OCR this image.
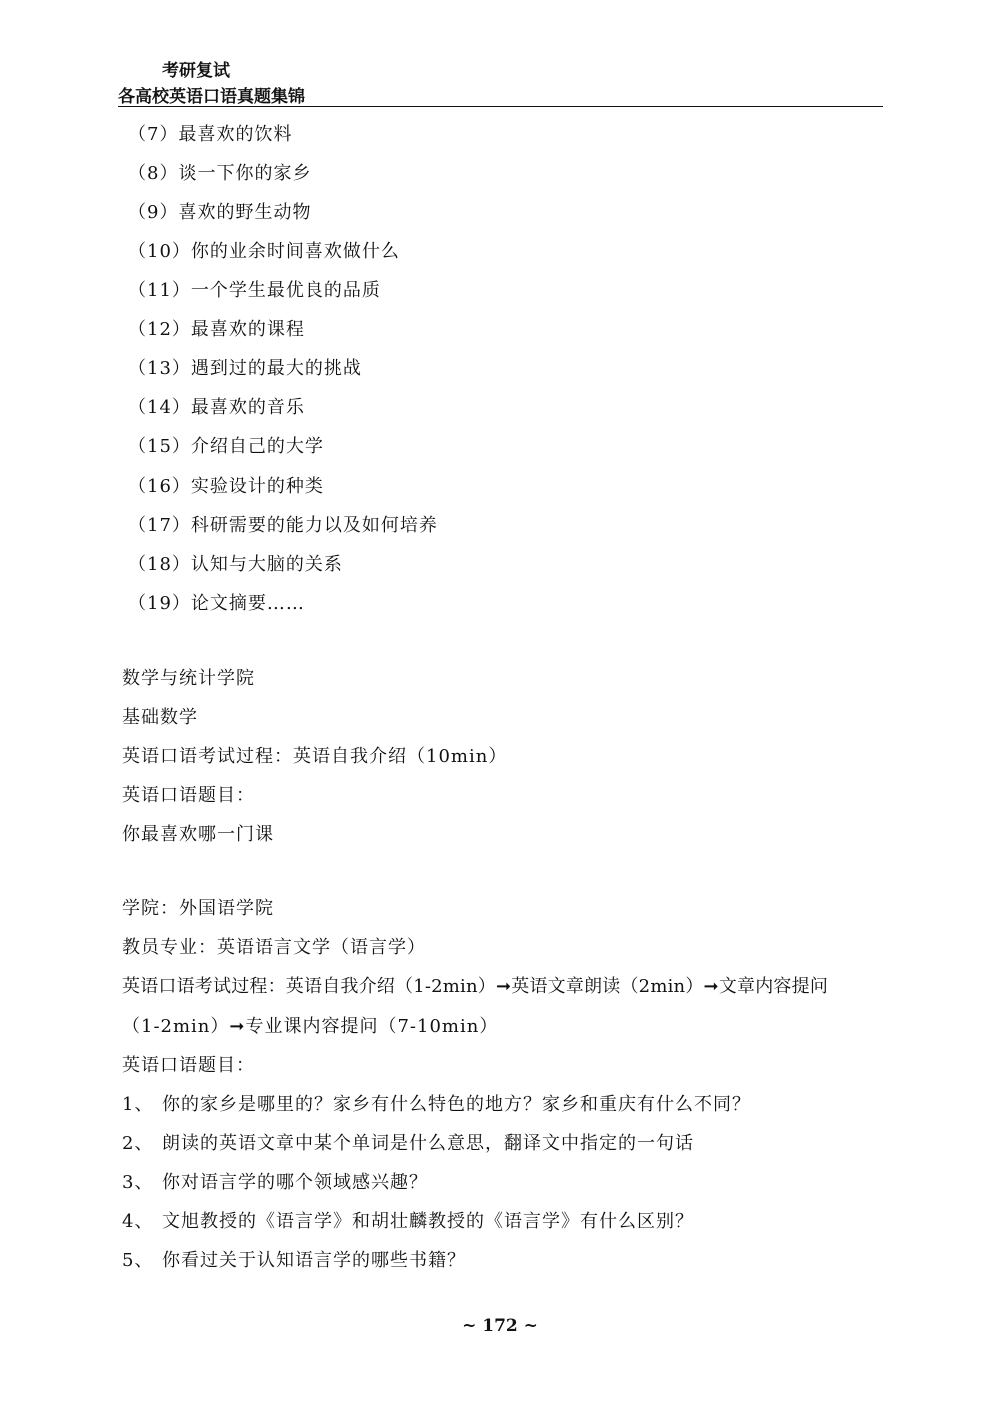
考研复试
各高校英语口语真题集锦
（7）最喜欢的饮料
（8）谈一下你的家乡
（9）喜欢的野生动物
（10）你的业余时间喜欢做什么
（11）一个学生最优良的品质
（12）最喜欢的课程
（13）遇到过的最大的挑战
（14）最喜欢的音乐
（15）介绍自己的大学
（16）实验设计的种类
（17）科研需要的能力以及如何培养
（18）认知与大脑的关系
（19）论文摘要……
数学与统计学院
基础数学
英语口语考试过程：英语自我介绍（10min）
英语口语题目：
你最喜欢哪一门课
学院：外国语学院
教员专业：英语语言文学（语言学）
英语口语考试过程：英语自我介绍（1-2min）➞英语文章朗读（2min）➞文章内容提问
（1-2min）➞专业课内容提问（7-10min）
英语口语题目：
1、 你的家乡是哪里的？家乡有什么特色的地方？家乡和重庆有什么不同？
2、 朗读的英语文章中某个单词是什么意思，翻译文中指定的一句话
3、 你对语言学的哪个领域感兴趣？
4、 文旭教授的《语言学》和胡壮麟教授的《语言学》有什么区别？
5、 你看过关于认知语言学的哪些书籍？
~ 172 ~
